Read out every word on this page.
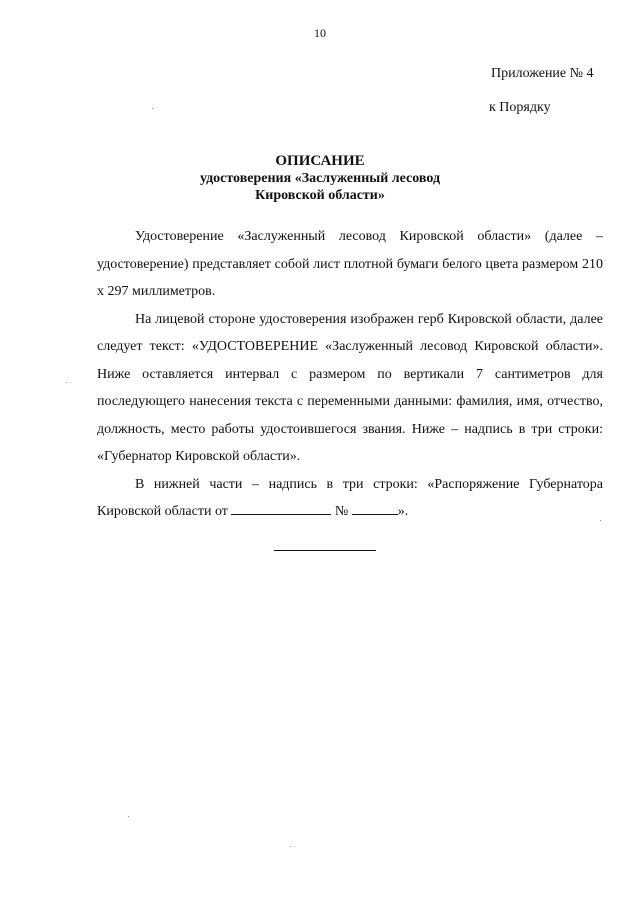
10
Приложение № 4
к Порядку
ОПИСАНИЕ
удостоверения «Заслуженный лесовод
Кировской области»

Удостоверение «Заслуженный лесовод Кировской области» (далее – удостоверение) представляет собой лист плотной бумаги белого цвета размером 210 х 297 миллиметров.

На лицевой стороне удостоверения изображен герб Кировской области, далее следует текст: «УДОСТОВЕРЕНИЕ «Заслуженный лесовод Кировской области». Ниже оставляется интервал с размером по вертикали 7 сантиметров для последующего нанесения текста с переменными данными: фамилия, имя, отчество, должность, место работы удостоившегося звания. Ниже – надпись в три строки: «Губернатор Кировской области».

В нижней части – надпись в три строки: «Распоряжение Губернатора Кировской области от	№	».
